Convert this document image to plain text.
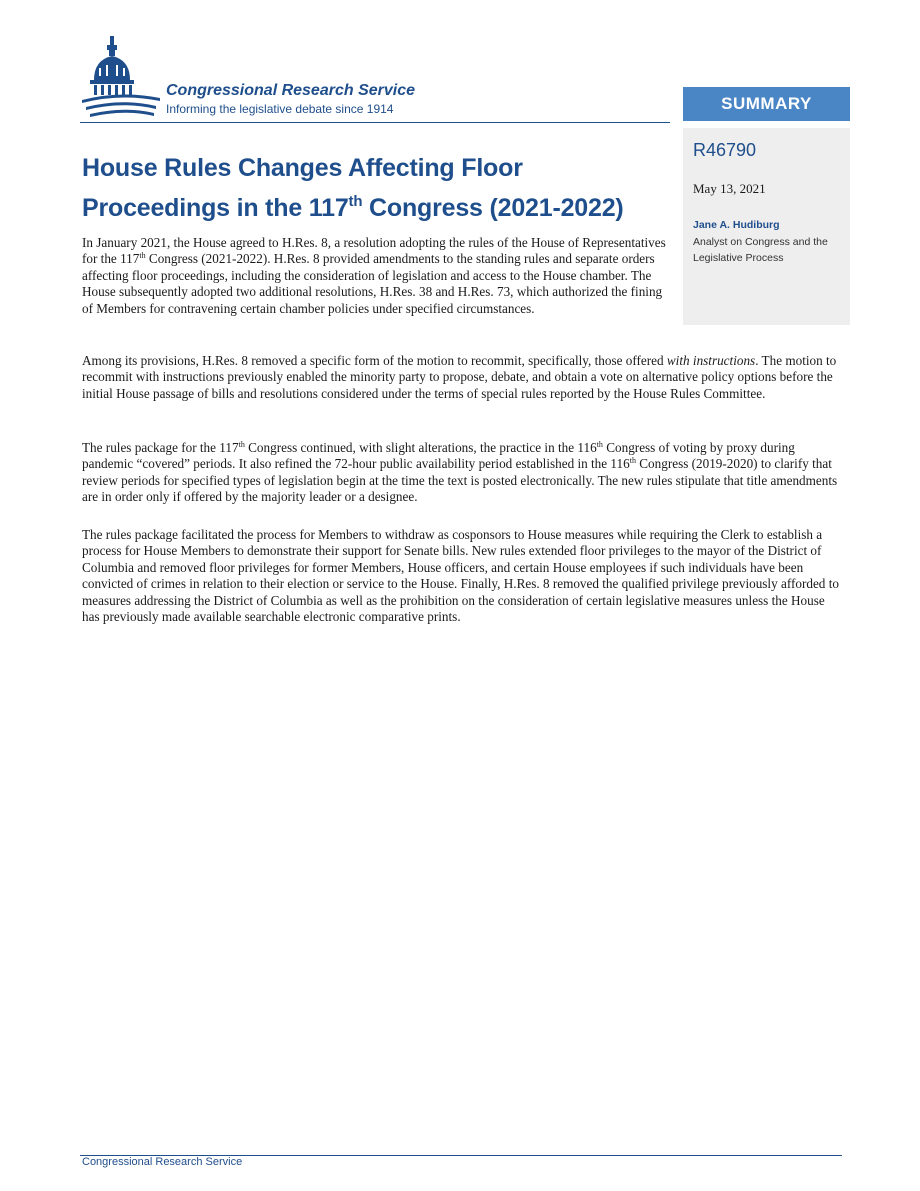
Congressional Research Service
Informing the legislative debate since 1914	SUMMARY
R46790
May 13, 2021
Jane A. Hudiburg
Analyst on Congress and the Legislative Process
House Rules Changes Affecting Floor
Proceedings in the 117th Congress (2021-2022)

In January 2021, the House agreed to H.Res. 8, a resolution adopting the rules of the House of Representatives for the 117th Congress (2021-2022). H.Res. 8 provided amendments to the standing rules and separate orders affecting floor proceedings, including the consideration of legislation and access to the House chamber. The House subsequently adopted two additional resolutions, H.Res. 38 and H.Res. 73, which authorized the fining of Members for contravening certain chamber policies under specified circumstances.

Among its provisions, H.Res. 8 removed a specific form of the motion to recommit, specifically, those offered with instructions. The motion to recommit with instructions previously enabled the minority party to propose, debate, and obtain a vote on alternative policy options before the initial House passage of bills and resolutions considered under the terms of special rules reported by the House Rules Committee.

The rules package for the 117th Congress continued, with slight alterations, the practice in the 116th Congress of voting by proxy during pandemic “covered” periods. It also refined the 72-hour public availability period established in the 116th Congress (2019-2020) to clarify that review periods for specified types of legislation begin at the time the text is posted electronically. The new rules stipulate that title amendments are in order only if offered by the majority leader or a designee.

The rules package facilitated the process for Members to withdraw as cosponsors to House measures while requiring the Clerk to establish a process for House Members to demonstrate their support for Senate bills. New rules extended floor privileges to the mayor of the District of Columbia and removed floor privileges for former Members, House officers, and certain House employees if such individuals have been convicted of crimes in relation to their election or service to the House. Finally, H.Res. 8 removed the qualified privilege previously afforded to measures addressing the District of Columbia as well as the prohibition on the consideration of certain legislative measures unless the House has previously made available searchable electronic comparative prints.

Congressional Research Service
